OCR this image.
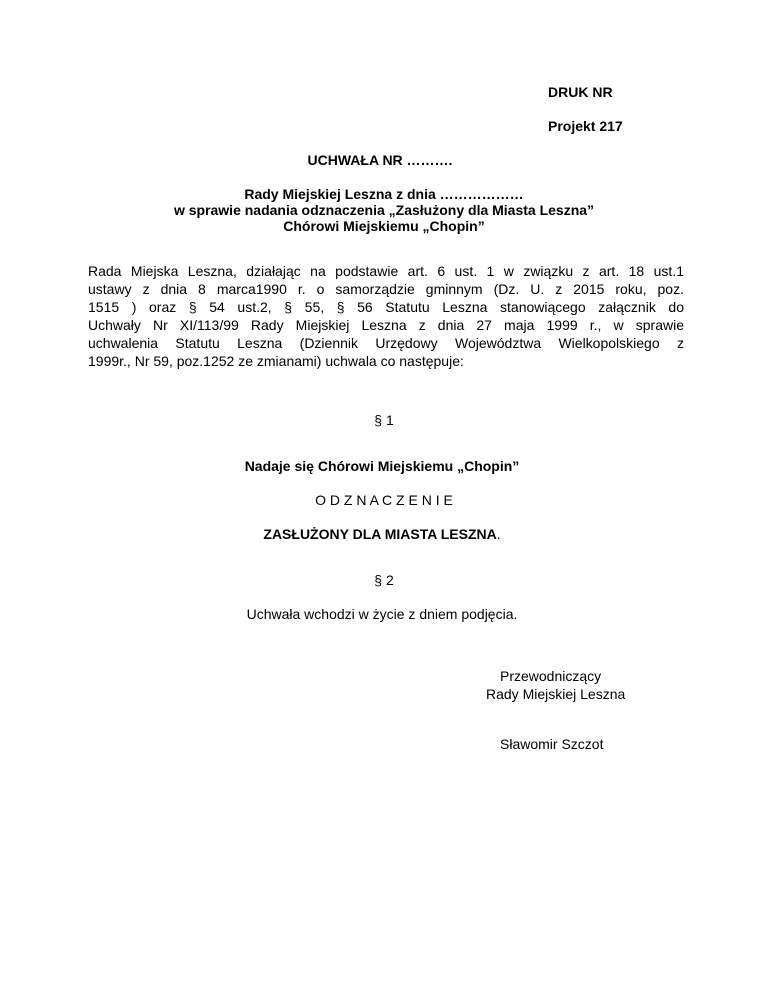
DRUK NR
Projekt 217
UCHWAŁA NR ……….
Rady Miejskiej Leszna z dnia ………………
w sprawie nadania odznaczenia „Zasłużony dla Miasta Leszna”
Chórowi Miejskiemu „Chopin”
Rada Miejska Leszna, działając na podstawie art. 6 ust. 1 w związku z art. 18 ust.1
ustawy z dnia 8 marca1990 r. o samorządzie gminnym (Dz. U. z 2015 roku, poz.
1515 ) oraz § 54 ust.2, § 55, § 56 Statutu Leszna stanowiącego załącznik do
Uchwały Nr XI/113/99 Rady Miejskiej Leszna z dnia 27 maja 1999 r., w sprawie
uchwalenia Statutu Leszna (Dziennik Urzędowy Województwa Wielkopolskiego z
1999r., Nr 59, poz.1252 ze zmianami) uchwala co następuje:
§ 1
Nadaje się Chórowi Miejskiemu „Chopin”
O D Z N A C Z E N I E
ZASŁUŻONY DLA MIASTA LESZNA.
§ 2
Uchwała wchodzi w życie z dniem podjęcia.
Przewodniczący
Rady Miejskiej Leszna
Sławomir Szczot
